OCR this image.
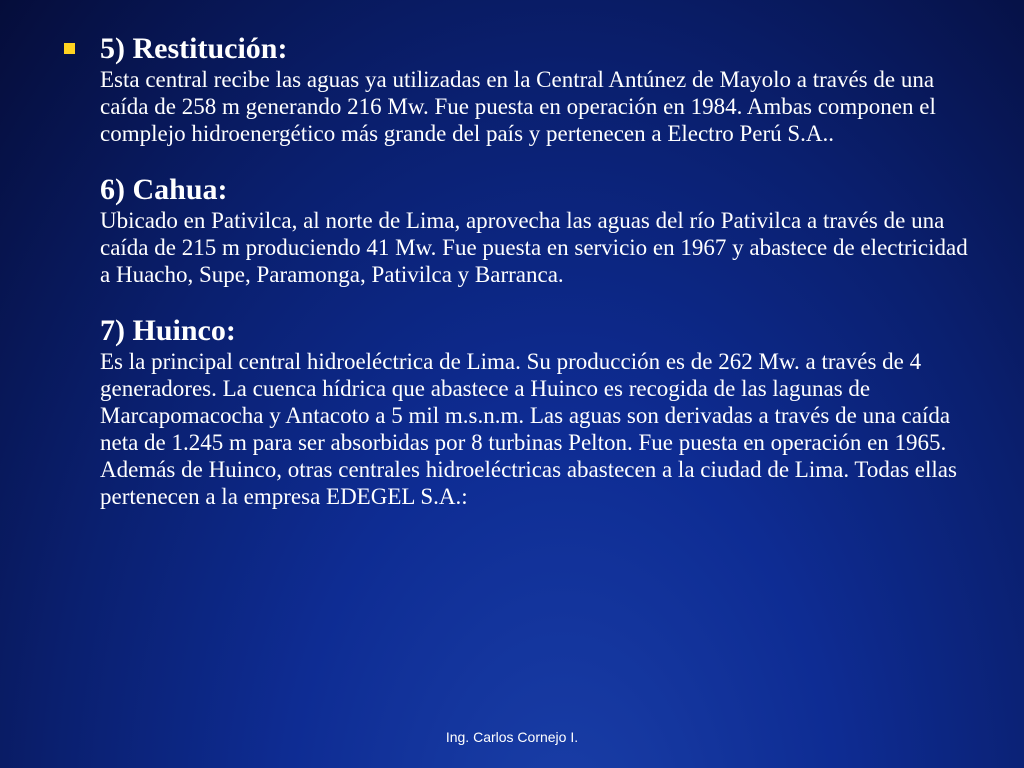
5) Restitución:

Esta central recibe las aguas ya utilizadas en la Central Antúnez de Mayolo a través de una caída de 258 m generando 216 Mw. Fue puesta en operación en 1984. Ambas componen el complejo hidroenergético más grande del país y pertenecen a Electro Perú S.A..

6) Cahua:

Ubicado en Pativilca, al norte de Lima, aprovecha las aguas del río Pativilca a través de una caída de 215 m produciendo 41 Mw. Fue puesta en servicio en 1967 y abastece de electricidad a Huacho, Supe, Paramonga, Pativilca y Barranca.

7) Huinco:

Es la principal central hidroeléctrica de Lima. Su producción es de 262 Mw. a través de 4 generadores. La cuenca hídrica que abastece a Huinco es recogida de las lagunas de Marcapomacocha y Antacoto a 5 mil m.s.n.m. Las aguas son derivadas a través de una caída neta de 1.245 m para ser absorbidas por 8 turbinas Pelton. Fue puesta en operación en 1965. Además de Huinco, otras centrales hidroeléctricas abastecen a la ciudad de Lima. Todas ellas pertenecen a la empresa EDEGEL S.A.:

Ing. Carlos Cornejo I.
